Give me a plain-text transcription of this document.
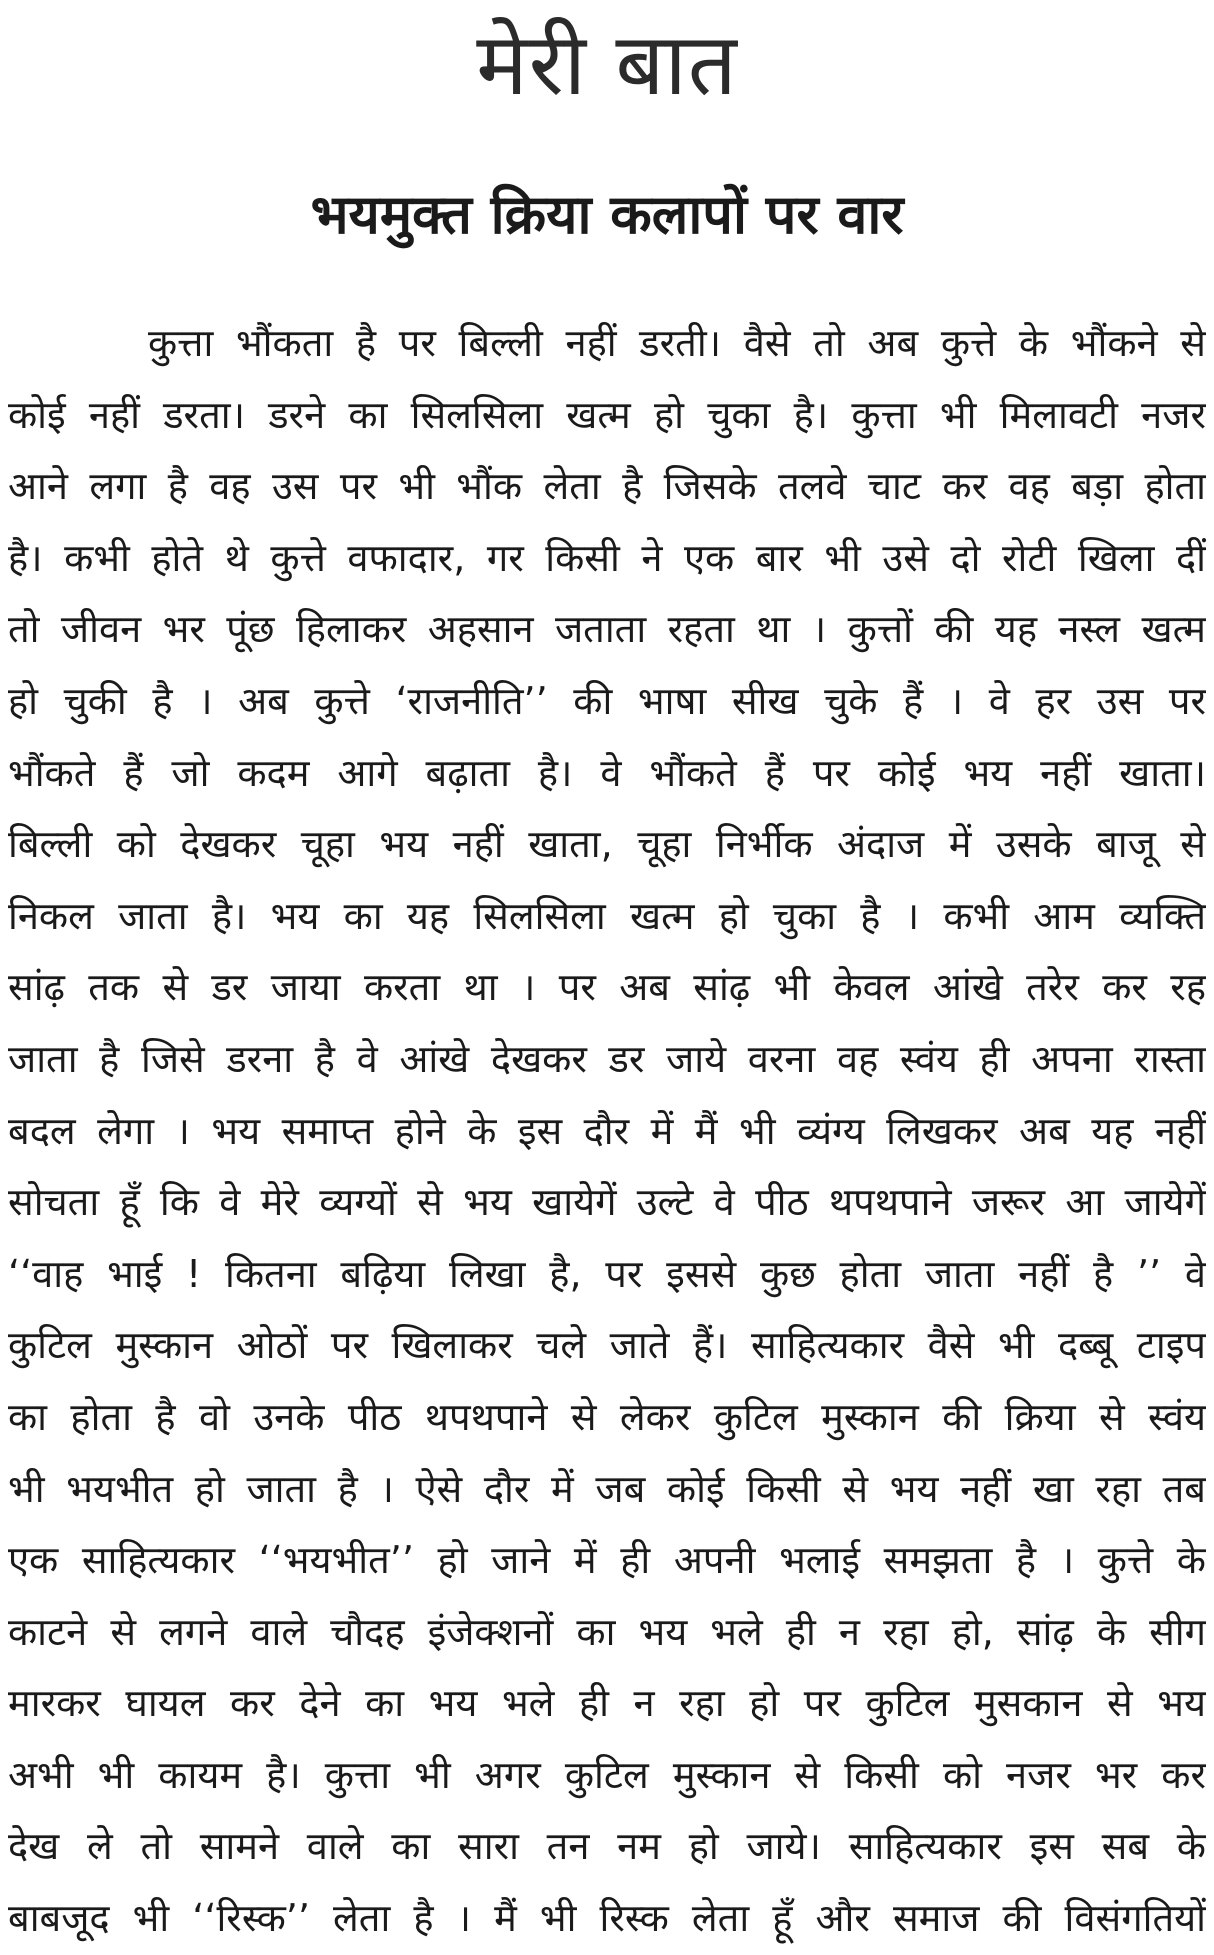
मेरी बात
भयमुक्त क्रिया कलापों पर वार
कुत्ता भौंकता है पर बिल्ली नहीं डरती। वैसे तो अब कुत्ते के भौंकने से
कोई नहीं डरता। डरने का सिलसिला खत्म हो चुका है। कुत्ता भी मिलावटी नजर
आने लगा है वह उस पर भी भौंक लेता है जिसके तलवे चाट कर वह बड़ा होता
है। कभी होते थे कुत्ते वफादार, गर किसी ने एक बार भी उसे दो रोटी खिला दीं
तो जीवन भर पूंछ हिलाकर अहसान जताता रहता था । कुत्तों की यह नस्ल खत्म
हो चुकी है । अब कुत्ते ‘राजनीति’’ की भाषा सीख चुके हैं । वे हर उस पर
भौंकते हैं जो कदम आगे बढ़ाता है। वे भौंकते हैं पर कोई भय नहीं खाता।
बिल्ली को देखकर चूहा भय नहीं खाता, चूहा निर्भीक अंदाज में उसके बाजू से
निकल जाता है। भय का यह सिलसिला खत्म हो चुका है । कभी आम व्यक्ति
सांढ़ तक से डर जाया करता था । पर अब सांढ़ भी केवल आंखे तरेर कर रह
जाता है जिसे डरना है वे आंखे देखकर डर जाये वरना वह स्वंय ही अपना रास्ता
बदल लेगा । भय समाप्त होने के इस दौर में मैं भी व्यंग्य लिखकर अब यह नहीं
सोचता हूँ कि वे मेरे व्यग्यों से भय खायेगें उल्टे वे पीठ थपथपाने जरूर आ जायेगें
‘‘वाह भाई ! कितना बढ़िया लिखा है, पर इससे कुछ होता जाता नहीं है ’’ वे
कुटिल मुस्कान ओठों पर खिलाकर चले जाते हैं। साहित्यकार वैसे भी दब्बू टाइप
का होता है वो उनके पीठ थपथपाने से लेकर कुटिल मुस्कान की क्रिया से स्वंय
भी भयभीत हो जाता है । ऐसे दौर में जब कोई किसी से भय नहीं खा रहा तब
एक साहित्यकार ‘‘भयभीत’’ हो जाने में ही अपनी भलाई समझता है । कुत्ते के
काटने से लगने वाले चौदह इंजेक्शनों का भय भले ही न रहा हो, सांढ़ के सीग
मारकर घायल कर देने का भय भले ही न रहा हो पर कुटिल मुसकान से भय
अभी भी कायम है। कुत्ता भी अगर कुटिल मुस्कान से किसी को नजर भर कर
देख ले तो सामने वाले का सारा तन नम हो जाये। साहित्यकार इस सब के
बाबजूद भी ‘‘रिस्क’’ लेता है । मैं भी रिस्क लेता हूँ और समाज की विसंगतियों
